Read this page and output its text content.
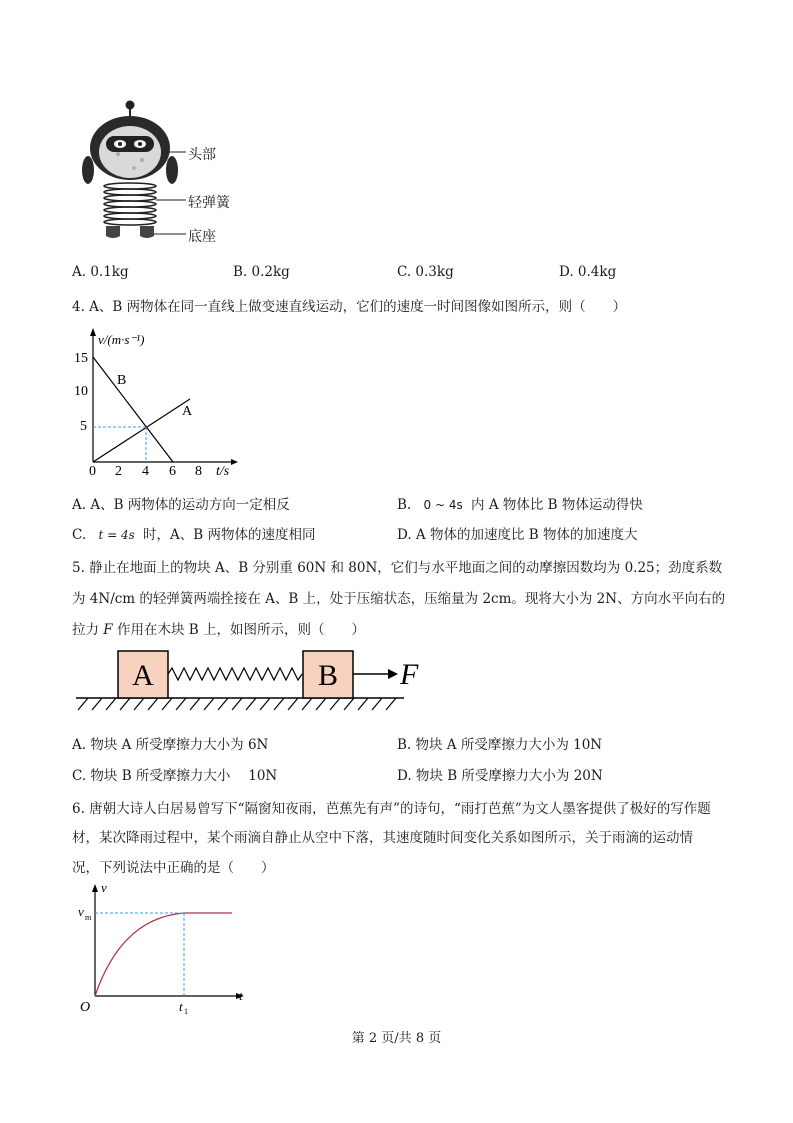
头部
轻弹簧
底座
A. 0.1kg	B. 0.2kg	C. 0.3kg	D. 0.4kg
4. A、B 两物体在同一直线上做变速直线运动，它们的速度一时间图像如图所示，则（　　）
15
10
5
0 2 4 6 8 t/s
v/(m·s⁻¹)
B
A
A. A、B 两物体的运动方向一定相反	B. 0 ~ 4s 内 A 物体比 B 物体运动得快
C. t = 4s 时，A、B 两物体的速度相同	D. A 物体的加速度比 B 物体的加速度大
5. 静止在地面上的物块 A、B 分别重 60N 和 80N，它们与水平地面之间的动摩擦因数均为 0.25；劲度系数
为 4N/cm 的轻弹簧两端拴接在 A、B 上，处于压缩状态，压缩量为 2cm。现将大小为 2N、方向水平向右的
拉力 F 作用在木块 B 上，如图所示，则（　　）
A	B F
A. 物块 A 所受摩擦力大小为 6N	B. 物块 A 所受摩擦力大小为 10N
C. 物块 B 所受摩擦力大小　 10N	D. 物块 B 所受摩擦力大小为 20N
6. 唐朝大诗人白居易曾写下“隔窗知夜雨，芭蕉先有声”的诗句，“雨打芭蕉”为文人墨客提供了极好的写作题
材，某次降雨过程中，某个雨滴自静止从空中下落，其速度随时间变化关系如图所示，关于雨滴的运动情
况，下列说法中正确的是（　　）
v
t
O
v m
t 1
第 2 页/共 8 页
